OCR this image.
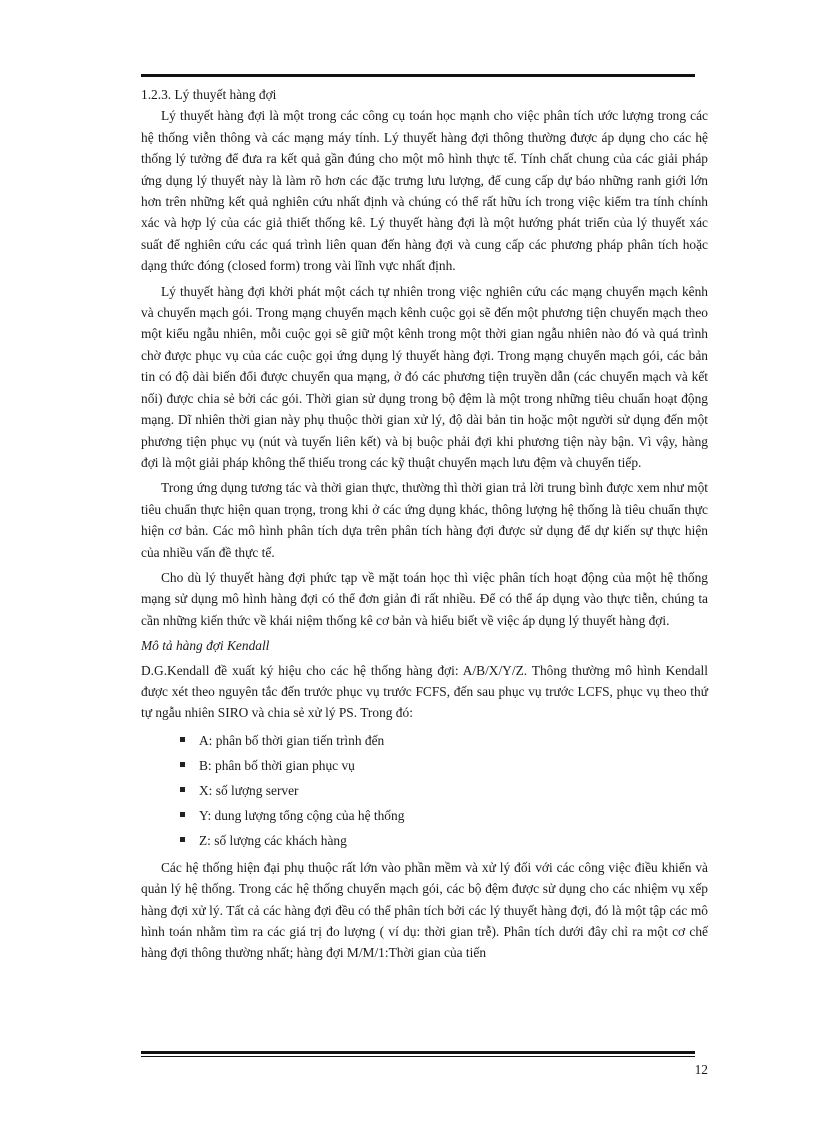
1.2.3. Lý thuyết hàng đợi

Lý thuyết hàng đợi là một trong các công cụ toán học mạnh cho việc phân tích ước lượng trong các hệ thống viễn thông và các mạng máy tính. Lý thuyết hàng đợi thông thường được áp dụng cho các hệ thống lý tưởng để đưa ra kết quả gần đúng cho một mô hình thực tế. Tính chất chung của các giải pháp ứng dụng lý thuyết này là làm rõ hơn các đặc trưng lưu lượng, để cung cấp dự báo những ranh giới lớn hơn trên những kết quả nghiên cứu nhất định và chúng có thể rất hữu ích trong việc kiểm tra tính chính xác và hợp lý của các giả thiết thống kê. Lý thuyết hàng đợi là một hướng phát triển của lý thuyết xác suất để nghiên cứu các quá trình liên quan đến hàng đợi và cung cấp các phương pháp phân tích hoặc dạng thức đóng (closed form) trong vài lĩnh vực nhất định.

Lý thuyết hàng đợi khởi phát một cách tự nhiên trong việc nghiên cứu các mạng chuyển mạch kênh và chuyển mạch gói. Trong mạng chuyển mạch kênh cuộc gọi sẽ đến một phương tiện chuyển mạch theo một kiểu ngẫu nhiên, mỗi cuộc gọi sẽ giữ một kênh trong một thời gian ngẫu nhiên nào đó và quá trình chờ được phục vụ của các cuộc gọi ứng dụng lý thuyết hàng đợi. Trong mạng chuyển mạch gói, các bản tin có độ dài biến đổi được chuyển qua mạng, ở đó các phương tiện truyền dẫn (các chuyển mạch và kết nối) được chia sẻ bởi các gói. Thời gian sử dụng trong bộ đệm là một trong những tiêu chuẩn hoạt động mạng. Dĩ nhiên thời gian này phụ thuộc thời gian xử lý, độ dài bản tin hoặc một người sử dụng đến một phương tiện phục vụ (nút và tuyến liên kết) và bị buộc phải đợi khi phương tiện này bận. Vì vậy, hàng đợi là một giải pháp không thể thiếu trong các kỹ thuật chuyển mạch lưu đệm và chuyển tiếp.

Trong ứng dụng tương tác và thời gian thực, thường thì thời gian trả lời trung bình được xem như một tiêu chuẩn thực hiện quan trọng, trong khi ở các ứng dụng khác, thông lượng hệ thống là tiêu chuẩn thực hiện cơ bản. Các mô hình phân tích dựa trên phân tích hàng đợi được sử dụng để dự kiến sự thực hiện của nhiều vấn đề thực tế.

Cho dù lý thuyết hàng đợi phức tạp về mặt toán học thì việc phân tích hoạt động của một hệ thống mạng sử dụng mô hình hàng đợi có thể đơn giản đi rất nhiều. Để có thể áp dụng vào thực tiễn, chúng ta cần những kiến thức về khái niệm thống kê cơ bản và hiểu biết về việc áp dụng lý thuyết hàng đợi.

Mô tả hàng đợi Kendall

D.G.Kendall đề xuất ký hiệu cho các hệ thống hàng đợi: A/B/X/Y/Z. Thông thường mô hình Kendall được xét theo nguyên tắc đến trước phục vụ trước FCFS, đến sau phục vụ trước LCFS, phục vụ theo thứ tự ngẫu nhiên SIRO và chia sẻ xử lý PS. Trong đó:

A: phân bố thời gian tiến trình đến
B: phân bố thời gian phục vụ
X: số lượng server
Y: dung lượng tổng cộng của hệ thống
Z: số lượng các khách hàng

Các hệ thống hiện đại phụ thuộc rất lớn vào phần mềm và xử lý đối với các công việc điều khiển và quản lý hệ thống. Trong các hệ thống chuyển mạch gói, các bộ đệm được sử dụng cho các nhiệm vụ xếp hàng đợi xử lý. Tất cả các hàng đợi đều có thể phân tích bởi các lý thuyết hàng đợi, đó là một tập các mô hình toán nhằm tìm ra các giá trị đo lượng ( ví dụ: thời gian trễ). Phân tích dưới đây chỉ ra một cơ chế hàng đợi thông thường nhất; hàng đợi M/M/1:Thời gian của tiến

12
